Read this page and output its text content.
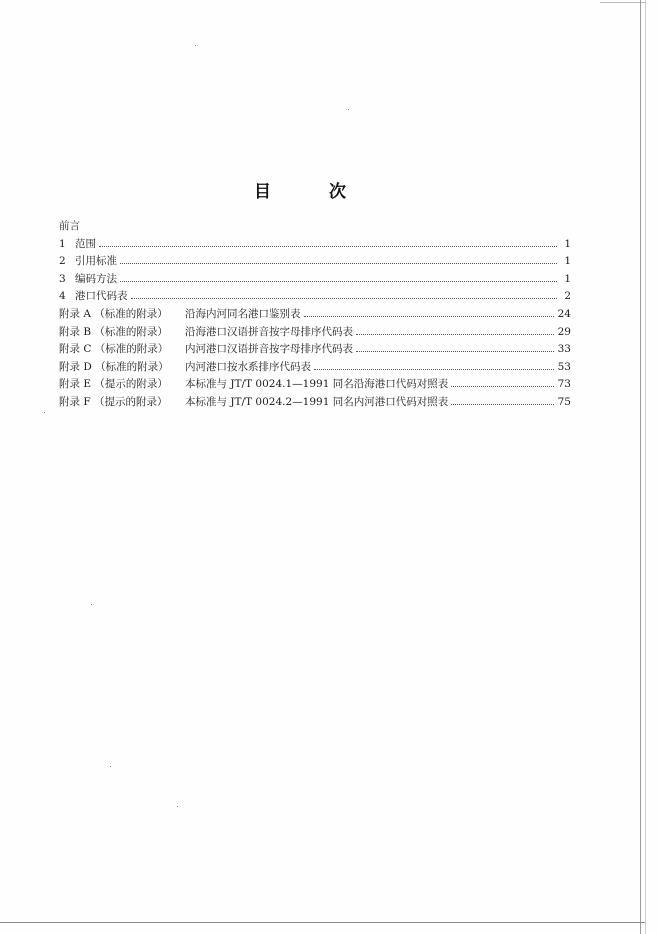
目 次
前言
1 范围	1
2 引用标准	1
3 编码方法	1
4 港口代码表	2
附录 A （标准的附录）	沿海内河同名港口鉴别表	24
附录 B （标准的附录）	沿海港口汉语拼音按字母排序代码表	29
附录 C （标准的附录）	内河港口汉语拼音按字母排序代码表	33
附录 D （标准的附录）	内河港口按水系排序代码表	53
附录 E （提示的附录）	本标准与 JT/T 0024.1—1991 同名沿海港口代码对照表	73
附录 F （提示的附录）	本标准与 JT/T 0024.2—1991 同名内河港口代码对照表	75
